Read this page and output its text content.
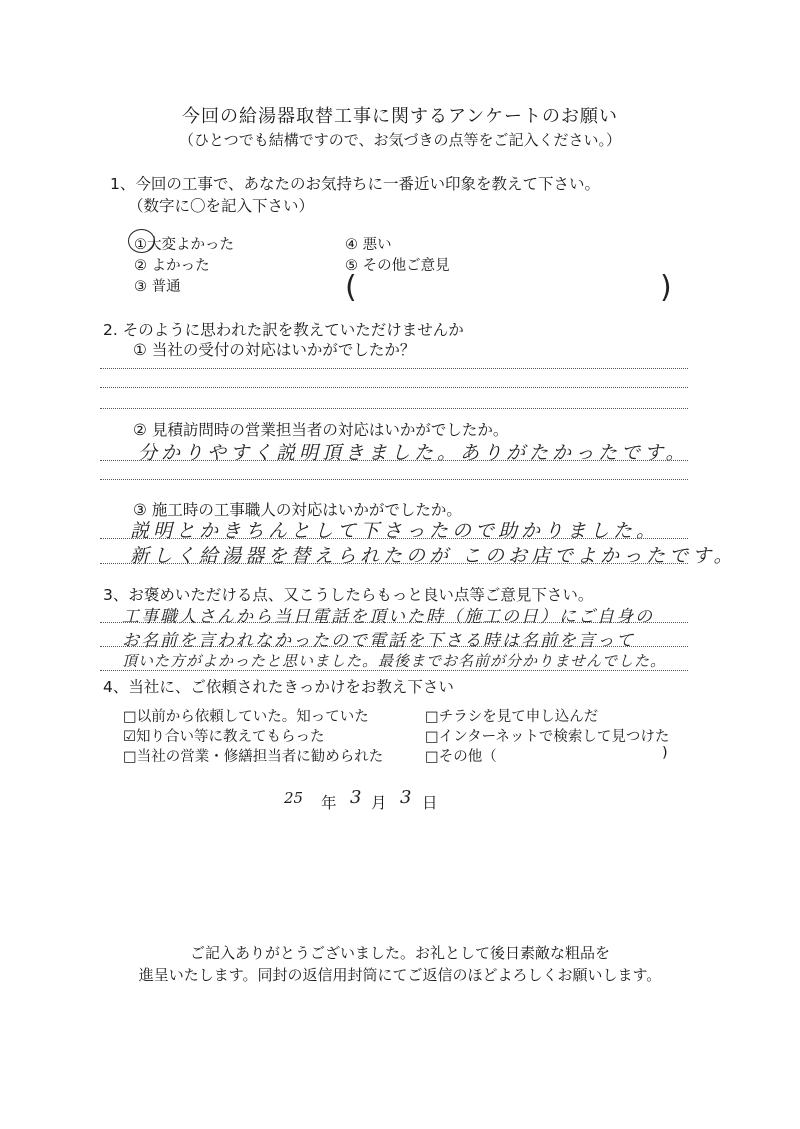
今回の給湯器取替工事に関するアンケートのお願い
（ひとつでも結構ですので、お気づきの点等をご記入ください。）
1、今回の工事で、あなたのお気持ちに一番近い印象を教えて下さい。
（数字に〇を記入下さい）
①大変よかった
② よかった
③ 普通
④ 悪い
⑤ その他ご意見
(	)
2. そのように思われた訳を教えていただけませんか
① 当社の受付の対応はいかがでしたか？
② 見積訪問時の営業担当者の対応はいかがでしたか。
分かりやすく説明頂きました。ありがたかったです。
③ 施工時の工事職人の対応はいかがでしたか。
説明とかきちんとして下さったので助かりました。
新しく給湯器を替えられたのが このお店でよかったです。
3、お褒めいただける点、又こうしたらもっと良い点等ご意見下さい。
工事職人さんから当日電話を頂いた時（施工の日）にご自身の
お名前を言われなかったので電話を下さる時は名前を言って
頂いた方がよかったと思いました。最後までお名前が分かりませんでした。
4、当社に、ご依頼されたきっかけをお教え下さい
□以前から依頼していた。知っていた
☑知り合い等に教えてもらった
□当社の営業・修繕担当者に勧められた
□チラシを見て申し込んだ
□インターネットで検索して見つけた
□その他（	)
25 年 3 月 3 日
ご記入ありがとうございました。お礼として後日素敵な粗品を
進呈いたします。同封の返信用封筒にてご返信のほどよろしくお願いします。
